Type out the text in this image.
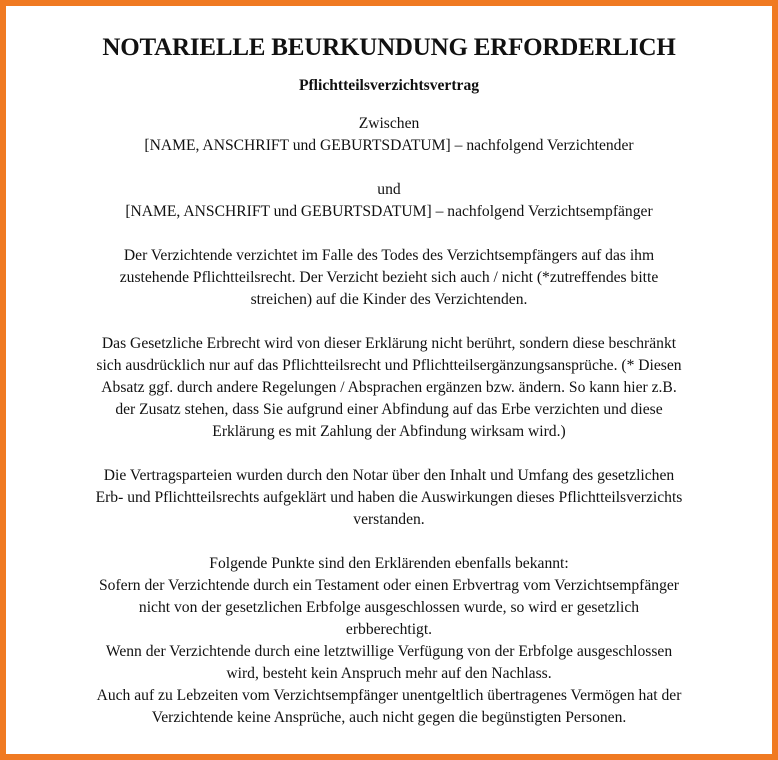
NOTARIELLE BEURKUNDUNG ERFORDERLICH
Pflichtteilsverzichtsvertrag
Zwischen
[NAME, ANSCHRIFT und GEBURTSDATUM] – nachfolgend Verzichtender
und
[NAME, ANSCHRIFT und GEBURTSDATUM] – nachfolgend Verzichtsempfänger
Der Verzichtende verzichtet im Falle des Todes des Verzichtsempfängers auf das ihm
zustehende Pflichtteilsrecht. Der Verzicht bezieht sich auch / nicht (*zutreffendes bitte
streichen) auf die Kinder des Verzichtenden.
Das Gesetzliche Erbrecht wird von dieser Erklärung nicht berührt, sondern diese beschränkt
sich ausdrücklich nur auf das Pflichtteilsrecht und Pflichtteilsergänzungsansprüche. (* Diesen
Absatz ggf. durch andere Regelungen / Absprachen ergänzen bzw. ändern. So kann hier z.B.
der Zusatz stehen, dass Sie aufgrund einer Abfindung auf das Erbe verzichten und diese
Erklärung es mit Zahlung der Abfindung wirksam wird.)
Die Vertragsparteien wurden durch den Notar über den Inhalt und Umfang des gesetzlichen
Erb- und Pflichtteilsrechts aufgeklärt und haben die Auswirkungen dieses Pflichtteilsverzichts
verstanden.
Folgende Punkte sind den Erklärenden ebenfalls bekannt:
Sofern der Verzichtende durch ein Testament oder einen Erbvertrag vom Verzichtsempfänger
nicht von der gesetzlichen Erbfolge ausgeschlossen wurde, so wird er gesetzlich
erbberechtigt.
Wenn der Verzichtende durch eine letztwillige Verfügung von der Erbfolge ausgeschlossen
wird, besteht kein Anspruch mehr auf den Nachlass.
Auch auf zu Lebzeiten vom Verzichtsempfänger unentgeltlich übertragenes Vermögen hat der
Verzichtende keine Ansprüche, auch nicht gegen die begünstigten Personen.
